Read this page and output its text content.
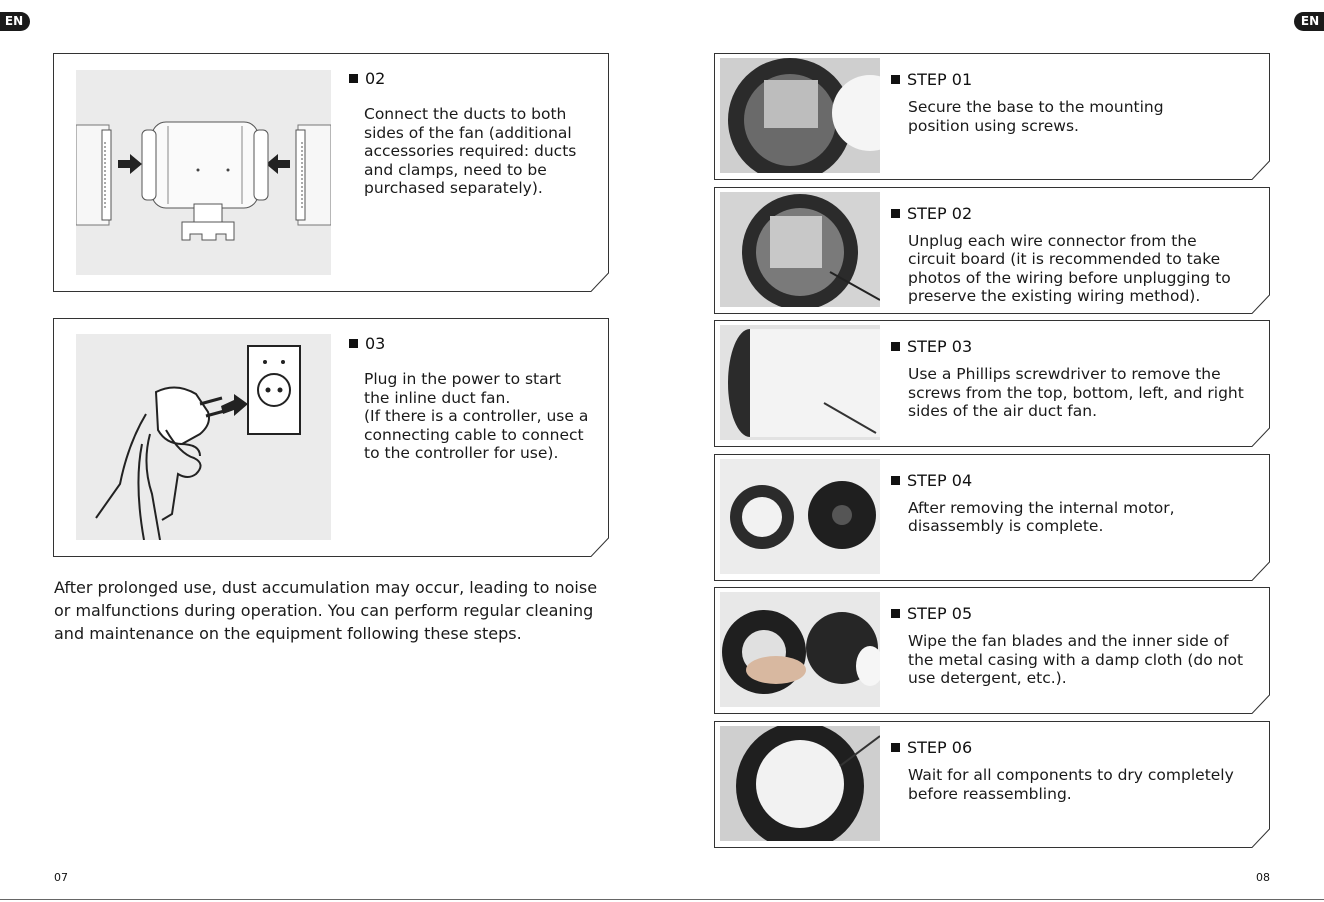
EN	EN
02
Connect the ducts to both
sides of the fan (additional
accessories required: ducts
and clamps, need to be
purchased separately).
03
Plug in the power to start
the inline duct fan.
(If there is a controller, use a
connecting cable to connect
to the controller for use).
After prolonged use, dust accumulation may occur, leading to noise or malfunctions during operation. You can perform regular cleaning and maintenance on the equipment following these steps.
STEP 01
Secure the base to the mounting
position using screws.
STEP 02
Unplug each wire connector from the
circuit board (it is recommended to take
photos of the wiring before unplugging to
preserve the existing wiring method).
STEP 03
Use a Phillips screwdriver to remove the
screws from the top, bottom, left, and right
sides of the air duct fan.
STEP 04
After removing the internal motor,
disassembly is complete.
STEP 05
Wipe the fan blades and the inner side of
the metal casing with a damp cloth (do not
use detergent, etc.).
STEP 06
Wait for all components to dry completely
before reassembling.
07	08
